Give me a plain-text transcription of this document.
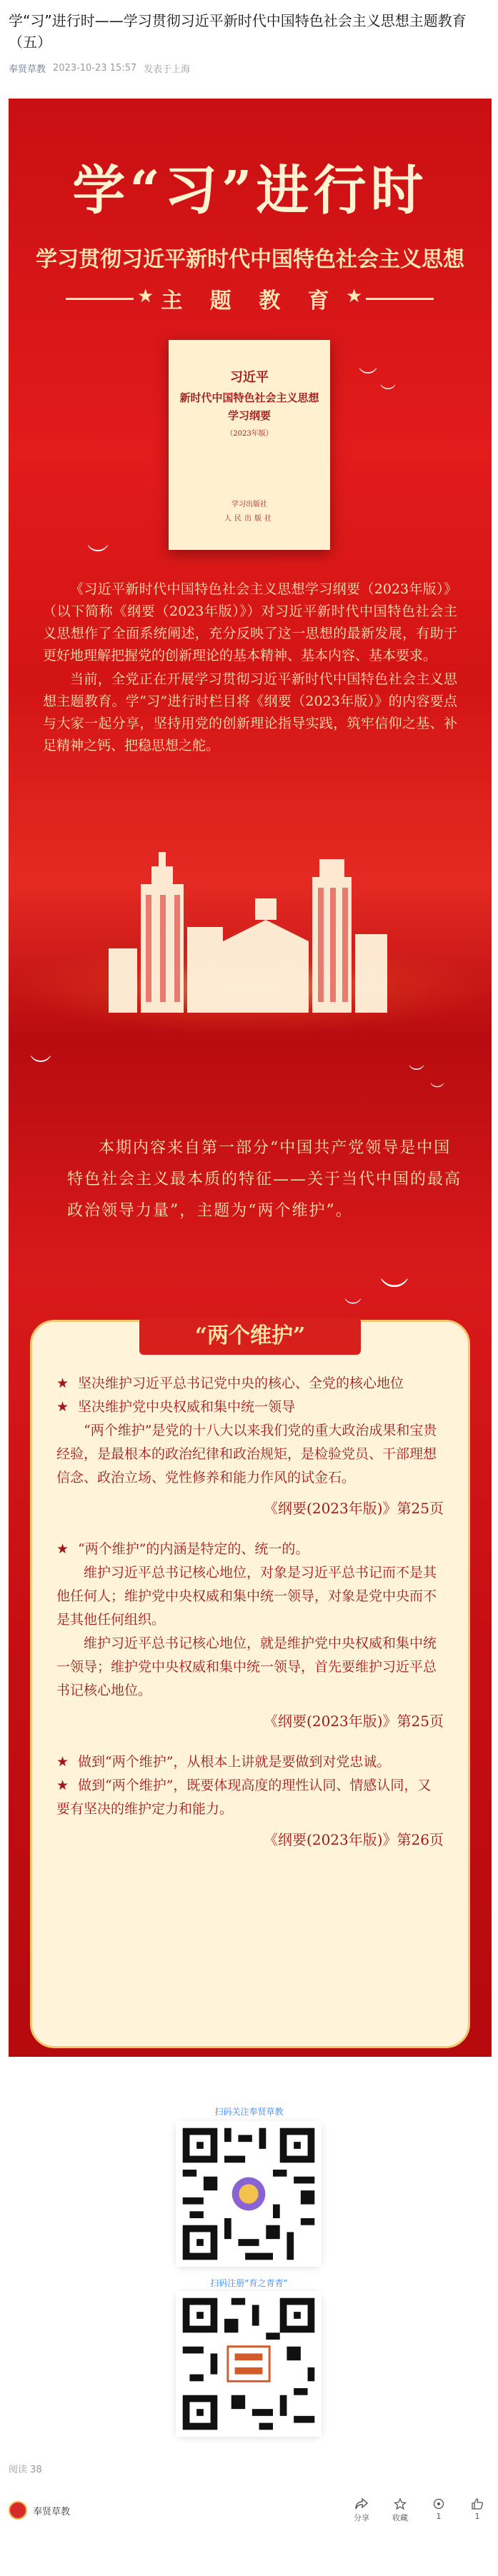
学“习”进行时——学习贯彻习近平新时代中国特色社会主义思想主题教育（五）
奉贤草教 2023-10-23 15:57 发表于上海
学“习”进行时
学习贯彻习近平新时代中国特色社会主义思想
★ 主 题 教 育 ★
习近平
新时代中国特色社会主义思想
学习纲要
（2023年版）
学习出版社
人民出版社
︶
︶
︶

《习近平新时代中国特色社会主义思想学习纲要（2023年版）》（以下简称《纲要（2023年版）》）对习近平新时代中国特色社会主义思想作了全面系统阐述，充分反映了这一思想的最新发展，有助于更好地理解把握党的创新理论的基本精神、基本内容、基本要求。

当前，全党正在开展学习贯彻习近平新时代中国特色社会主义思想主题教育。学“习”进行时栏目将《纲要（2023年版）》的内容要点与大家一起分享，坚持用党的创新理论指导实践，筑牢信仰之基、补足精神之钙、把稳思想之舵。

︶	︶
︶

本期内容来自第一部分“中国共产党领导是中国特色社会主义最本质的特征——关于当代中国的最高政治领导力量”，主题为“两个维护”。

︶
︶
“两个维护”
★ 坚决维护习近平总书记党中央的核心、全党的核心地位
★ 坚决维护党中央权威和集中统一领导
“两个维护”是党的十八大以来我们党的重大政治成果和宝贵经验，是最根本的政治纪律和政治规矩，是检验党员、干部理想信念、政治立场、党性修养和能力作风的试金石。
《纲要(2023年版)》第25页
★ “两个维护”的内涵是特定的、统一的。
维护习近平总书记核心地位，对象是习近平总书记而不是其他任何人；维护党中央权威和集中统一领导，对象是党中央而不是其他任何组织。
维护习近平总书记核心地位，就是维护党中央权威和集中统一领导；维护党中央权威和集中统一领导，首先要维护习近平总书记核心地位。
《纲要(2023年版)》第25页
★ 做到“两个维护”，从根本上讲就是要做到对党忠诚。
★ 做到“两个维护”，既要体现高度的理性认同、情感认同，又要有坚决的维护定力和能力。
《纲要(2023年版)》第26页
扫码关注奉贤草教
扫码注册“育之青青”
阅读 38
奉贤草教
分享	收藏	1	1
